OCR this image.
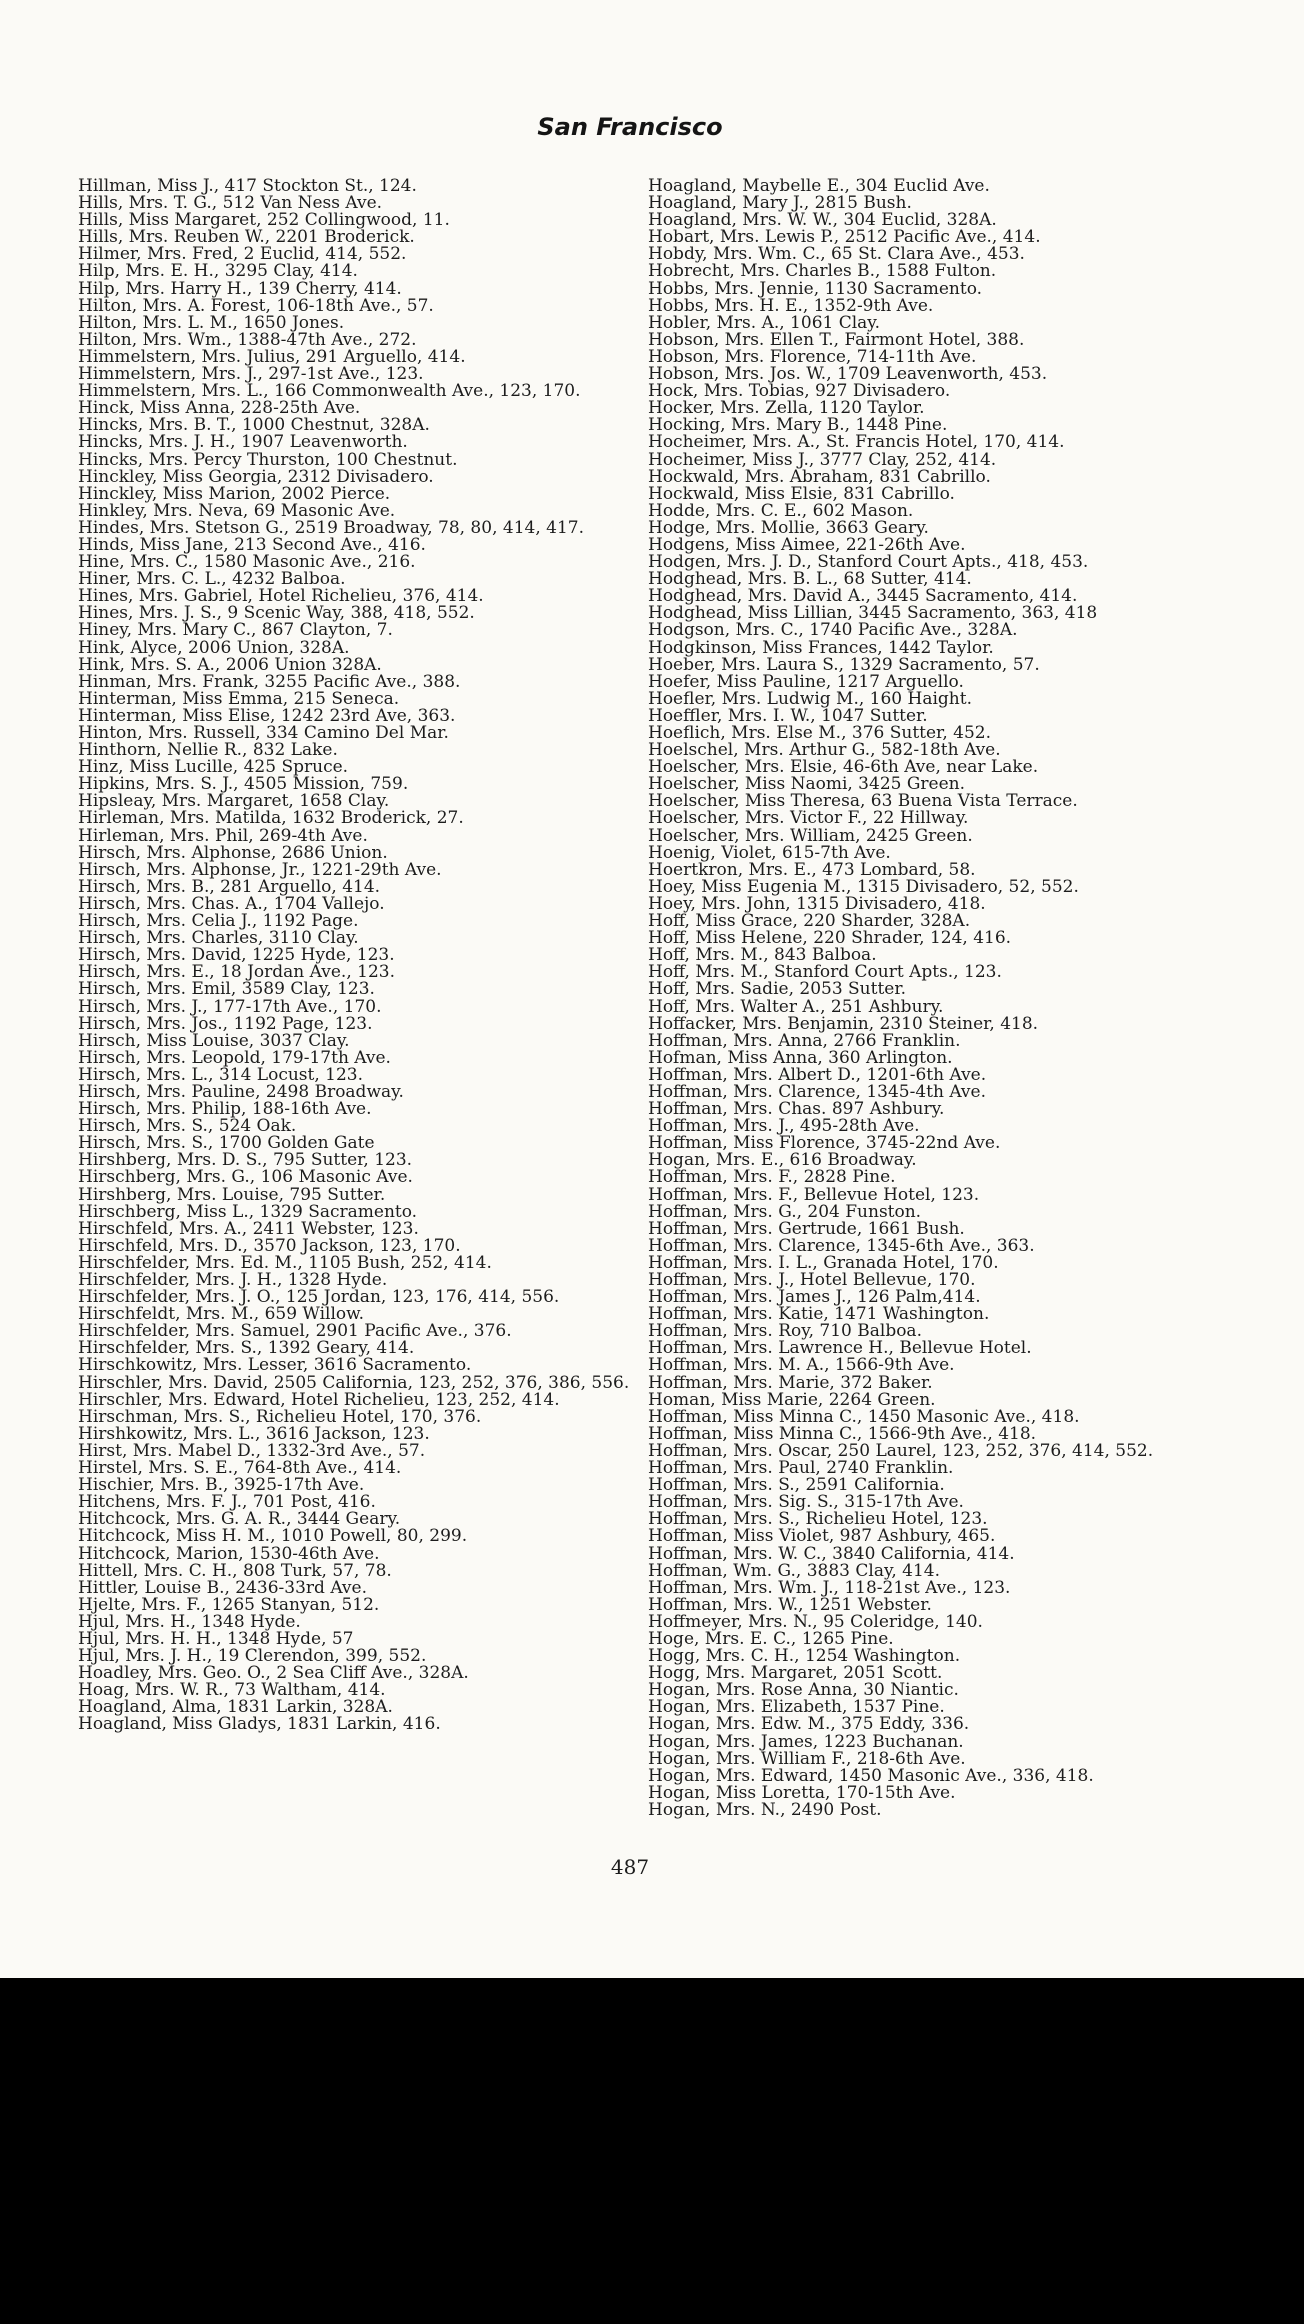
San Francisco
Hillman, Miss J., 417 Stockton St., 124.
Hills, Mrs. T. G., 512 Van Ness Ave.
Hills, Miss Margaret, 252 Collingwood, 11.
Hills, Mrs. Reuben W., 2201 Broderick.
Hilmer, Mrs. Fred, 2 Euclid, 414, 552.
Hilp, Mrs. E. H., 3295 Clay, 414.
Hilp, Mrs. Harry H., 139 Cherry, 414.
Hilton, Mrs. A. Forest, 106-18th Ave., 57.
Hilton, Mrs. L. M., 1650 Jones.
Hilton, Mrs. Wm., 1388-47th Ave., 272.
Himmelstern, Mrs. Julius, 291 Arguello, 414.
Himmelstern, Mrs. J., 297-1st Ave., 123.
Himmelstern, Mrs. L., 166 Commonwealth Ave., 123, 170.
Hinck, Miss Anna, 228-25th Ave.
Hincks, Mrs. B. T., 1000 Chestnut, 328A.
Hincks, Mrs. J. H., 1907 Leavenworth.
Hincks, Mrs. Percy Thurston, 100 Chestnut.
Hinckley, Miss Georgia, 2312 Divisadero.
Hinckley, Miss Marion, 2002 Pierce.
Hinkley, Mrs. Neva, 69 Masonic Ave.
Hindes, Mrs. Stetson G., 2519 Broadway, 78, 80, 414, 417.
Hinds, Miss Jane, 213 Second Ave., 416.
Hine, Mrs. C., 1580 Masonic Ave., 216.
Hiner, Mrs. C. L., 4232 Balboa.
Hines, Mrs. Gabriel, Hotel Richelieu, 376, 414.
Hines, Mrs. J. S., 9 Scenic Way, 388, 418, 552.
Hiney, Mrs. Mary C., 867 Clayton, 7.
Hink, Alyce, 2006 Union, 328A.
Hink, Mrs. S. A., 2006 Union 328A.
Hinman, Mrs. Frank, 3255 Pacific Ave., 388.
Hinterman, Miss Emma, 215 Seneca.
Hinterman, Miss Elise, 1242 23rd Ave, 363.
Hinton, Mrs. Russell, 334 Camino Del Mar.
Hinthorn, Nellie R., 832 Lake.
Hinz, Miss Lucille, 425 Spruce.
Hipkins, Mrs. S. J., 4505 Mission, 759.
Hipsleay, Mrs. Margaret, 1658 Clay.
Hirleman, Mrs. Matilda, 1632 Broderick, 27.
Hirleman, Mrs. Phil, 269-4th Ave.
Hirsch, Mrs. Alphonse, 2686 Union.
Hirsch, Mrs. Alphonse, Jr., 1221-29th Ave.
Hirsch, Mrs. B., 281 Arguello, 414.
Hirsch, Mrs. Chas. A., 1704 Vallejo.
Hirsch, Mrs. Celia J., 1192 Page.
Hirsch, Mrs. Charles, 3110 Clay.
Hirsch, Mrs. David, 1225 Hyde, 123.
Hirsch, Mrs. E., 18 Jordan Ave., 123.
Hirsch, Mrs. Emil, 3589 Clay, 123.
Hirsch, Mrs. J., 177-17th Ave., 170.
Hirsch, Mrs. Jos., 1192 Page, 123.
Hirsch, Miss Louise, 3037 Clay.
Hirsch, Mrs. Leopold, 179-17th Ave.
Hirsch, Mrs. L., 314 Locust, 123.
Hirsch, Mrs. Pauline, 2498 Broadway.
Hirsch, Mrs. Philip, 188-16th Ave.
Hirsch, Mrs. S., 524 Oak.
Hirsch, Mrs. S., 1700 Golden Gate
Hirshberg, Mrs. D. S., 795 Sutter, 123.
Hirschberg, Mrs. G., 106 Masonic Ave.
Hirshberg, Mrs. Louise, 795 Sutter.
Hirschberg, Miss L., 1329 Sacramento.
Hirschfeld, Mrs. A., 2411 Webster, 123.
Hirschfeld, Mrs. D., 3570 Jackson, 123, 170.
Hirschfelder, Mrs. Ed. M., 1105 Bush, 252, 414.
Hirschfelder, Mrs. J. H., 1328 Hyde.
Hirschfelder, Mrs. J. O., 125 Jordan, 123, 176, 414, 556.
Hirschfeldt, Mrs. M., 659 Willow.
Hirschfelder, Mrs. Samuel, 2901 Pacific Ave., 376.
Hirschfelder, Mrs. S., 1392 Geary, 414.
Hirschkowitz, Mrs. Lesser, 3616 Sacramento.
Hirschler, Mrs. David, 2505 California, 123, 252, 376, 386, 556.
Hirschler, Mrs. Edward, Hotel Richelieu, 123, 252, 414.
Hirschman, Mrs. S., Richelieu Hotel, 170, 376.
Hirshkowitz, Mrs. L., 3616 Jackson, 123.
Hirst, Mrs. Mabel D., 1332-3rd Ave., 57.
Hirstel, Mrs. S. E., 764-8th Ave., 414.
Hischier, Mrs. B., 3925-17th Ave.
Hitchens, Mrs. F. J., 701 Post, 416.
Hitchcock, Mrs. G. A. R., 3444 Geary.
Hitchcock, Miss H. M., 1010 Powell, 80, 299.
Hitchcock, Marion, 1530-46th Ave.
Hittell, Mrs. C. H., 808 Turk, 57, 78.
Hittler, Louise B., 2436-33rd Ave.
Hjelte, Mrs. F., 1265 Stanyan, 512.
Hjul, Mrs. H., 1348 Hyde.
Hjul, Mrs. H. H., 1348 Hyde, 57
Hjul, Mrs. J. H., 19 Clerendon, 399, 552.
Hoadley, Mrs. Geo. O., 2 Sea Cliff Ave., 328A.
Hoag, Mrs. W. R., 73 Waltham, 414.
Hoagland, Alma, 1831 Larkin, 328A.
Hoagland, Miss Gladys, 1831 Larkin, 416.
Hoagland, Maybelle E., 304 Euclid Ave.
Hoagland, Mary J., 2815 Bush.
Hoagland, Mrs. W. W., 304 Euclid, 328A.
Hobart, Mrs. Lewis P., 2512 Pacific Ave., 414.
Hobdy, Mrs. Wm. C., 65 St. Clara Ave., 453.
Hobrecht, Mrs. Charles B., 1588 Fulton.
Hobbs, Mrs. Jennie, 1130 Sacramento.
Hobbs, Mrs. H. E., 1352-9th Ave.
Hobler, Mrs. A., 1061 Clay.
Hobson, Mrs. Ellen T., Fairmont Hotel, 388.
Hobson, Mrs. Florence, 714-11th Ave.
Hobson, Mrs. Jos. W., 1709 Leavenworth, 453.
Hock, Mrs. Tobias, 927 Divisadero.
Hocker, Mrs. Zella, 1120 Taylor.
Hocking, Mrs. Mary B., 1448 Pine.
Hocheimer, Mrs. A., St. Francis Hotel, 170, 414.
Hocheimer, Miss J., 3777 Clay, 252, 414.
Hockwald, Mrs. Abraham, 831 Cabrillo.
Hockwald, Miss Elsie, 831 Cabrillo.
Hodde, Mrs. C. E., 602 Mason.
Hodge, Mrs. Mollie, 3663 Geary.
Hodgens, Miss Aimee, 221-26th Ave.
Hodgen, Mrs. J. D., Stanford Court Apts., 418, 453.
Hodghead, Mrs. B. L., 68 Sutter, 414.
Hodghead, Mrs. David A., 3445 Sacramento, 414.
Hodghead, Miss Lillian, 3445 Sacramento, 363, 418
Hodgson, Mrs. C., 1740 Pacific Ave., 328A.
Hodgkinson, Miss Frances, 1442 Taylor.
Hoeber, Mrs. Laura S., 1329 Sacramento, 57.
Hoefer, Miss Pauline, 1217 Arguello.
Hoefler, Mrs. Ludwig M., 160 Haight.
Hoeffler, Mrs. I. W., 1047 Sutter.
Hoeflich, Mrs. Else M., 376 Sutter, 452.
Hoelschel, Mrs. Arthur G., 582-18th Ave.
Hoelscher, Mrs. Elsie, 46-6th Ave, near Lake.
Hoelscher, Miss Naomi, 3425 Green.
Hoelscher, Miss Theresa, 63 Buena Vista Terrace.
Hoelscher, Mrs. Victor F., 22 Hillway.
Hoelscher, Mrs. William, 2425 Green.
Hoenig, Violet, 615-7th Ave.
Hoertkron, Mrs. E., 473 Lombard, 58.
Hoey, Miss Eugenia M., 1315 Divisadero, 52, 552.
Hoey, Mrs. John, 1315 Divisadero, 418.
Hoff, Miss Grace, 220 Sharder, 328A.
Hoff, Miss Helene, 220 Shrader, 124, 416.
Hoff, Mrs. M., 843 Balboa.
Hoff, Mrs. M., Stanford Court Apts., 123.
Hoff, Mrs. Sadie, 2053 Sutter.
Hoff, Mrs. Walter A., 251 Ashbury.
Hoffacker, Mrs. Benjamin, 2310 Steiner, 418.
Hoffman, Mrs. Anna, 2766 Franklin.
Hofman, Miss Anna, 360 Arlington.
Hoffman, Mrs. Albert D., 1201-6th Ave.
Hoffman, Mrs. Clarence, 1345-4th Ave.
Hoffman, Mrs. Chas. 897 Ashbury.
Hoffman, Mrs. J., 495-28th Ave.
Hoffman, Miss Florence, 3745-22nd Ave.
Hogan, Mrs. E., 616 Broadway.
Hoffman, Mrs. F., 2828 Pine.
Hoffman, Mrs. F., Bellevue Hotel, 123.
Hoffman, Mrs. G., 204 Funston.
Hoffman, Mrs. Gertrude, 1661 Bush.
Hoffman, Mrs. Clarence, 1345-6th Ave., 363.
Hoffman, Mrs. I. L., Granada Hotel, 170.
Hoffman, Mrs. J., Hotel Bellevue, 170.
Hoffman, Mrs. James J., 126 Palm,414.
Hoffman, Mrs. Katie, 1471 Washington.
Hoffman, Mrs. Roy, 710 Balboa.
Hoffman, Mrs. Lawrence H., Bellevue Hotel.
Hoffman, Mrs. M. A., 1566-9th Ave.
Hoffman, Mrs. Marie, 372 Baker.
Homan, Miss Marie, 2264 Green.
Hoffman, Miss Minna C., 1450 Masonic Ave., 418.
Hoffman, Miss Minna C., 1566-9th Ave., 418.
Hoffman, Mrs. Oscar, 250 Laurel, 123, 252, 376, 414, 552.
Hoffman, Mrs. Paul, 2740 Franklin.
Hoffman, Mrs. S., 2591 California.
Hoffman, Mrs. Sig. S., 315-17th Ave.
Hoffman, Mrs. S., Richelieu Hotel, 123.
Hoffman, Miss Violet, 987 Ashbury, 465.
Hoffman, Mrs. W. C., 3840 California, 414.
Hoffman, Wm. G., 3883 Clay, 414.
Hoffman, Mrs. Wm. J., 118-21st Ave., 123.
Hoffman, Mrs. W., 1251 Webster.
Hoffmeyer, Mrs. N., 95 Coleridge, 140.
Hoge, Mrs. E. C., 1265 Pine.
Hogg, Mrs. C. H., 1254 Washington.
Hogg, Mrs. Margaret, 2051 Scott.
Hogan, Mrs. Rose Anna, 30 Niantic.
Hogan, Mrs. Elizabeth, 1537 Pine.
Hogan, Mrs. Edw. M., 375 Eddy, 336.
Hogan, Mrs. James, 1223 Buchanan.
Hogan, Mrs. William F., 218-6th Ave.
Hogan, Mrs. Edward, 1450 Masonic Ave., 336, 418.
Hogan, Miss Loretta, 170-15th Ave.
Hogan, Mrs. N., 2490 Post.
487
